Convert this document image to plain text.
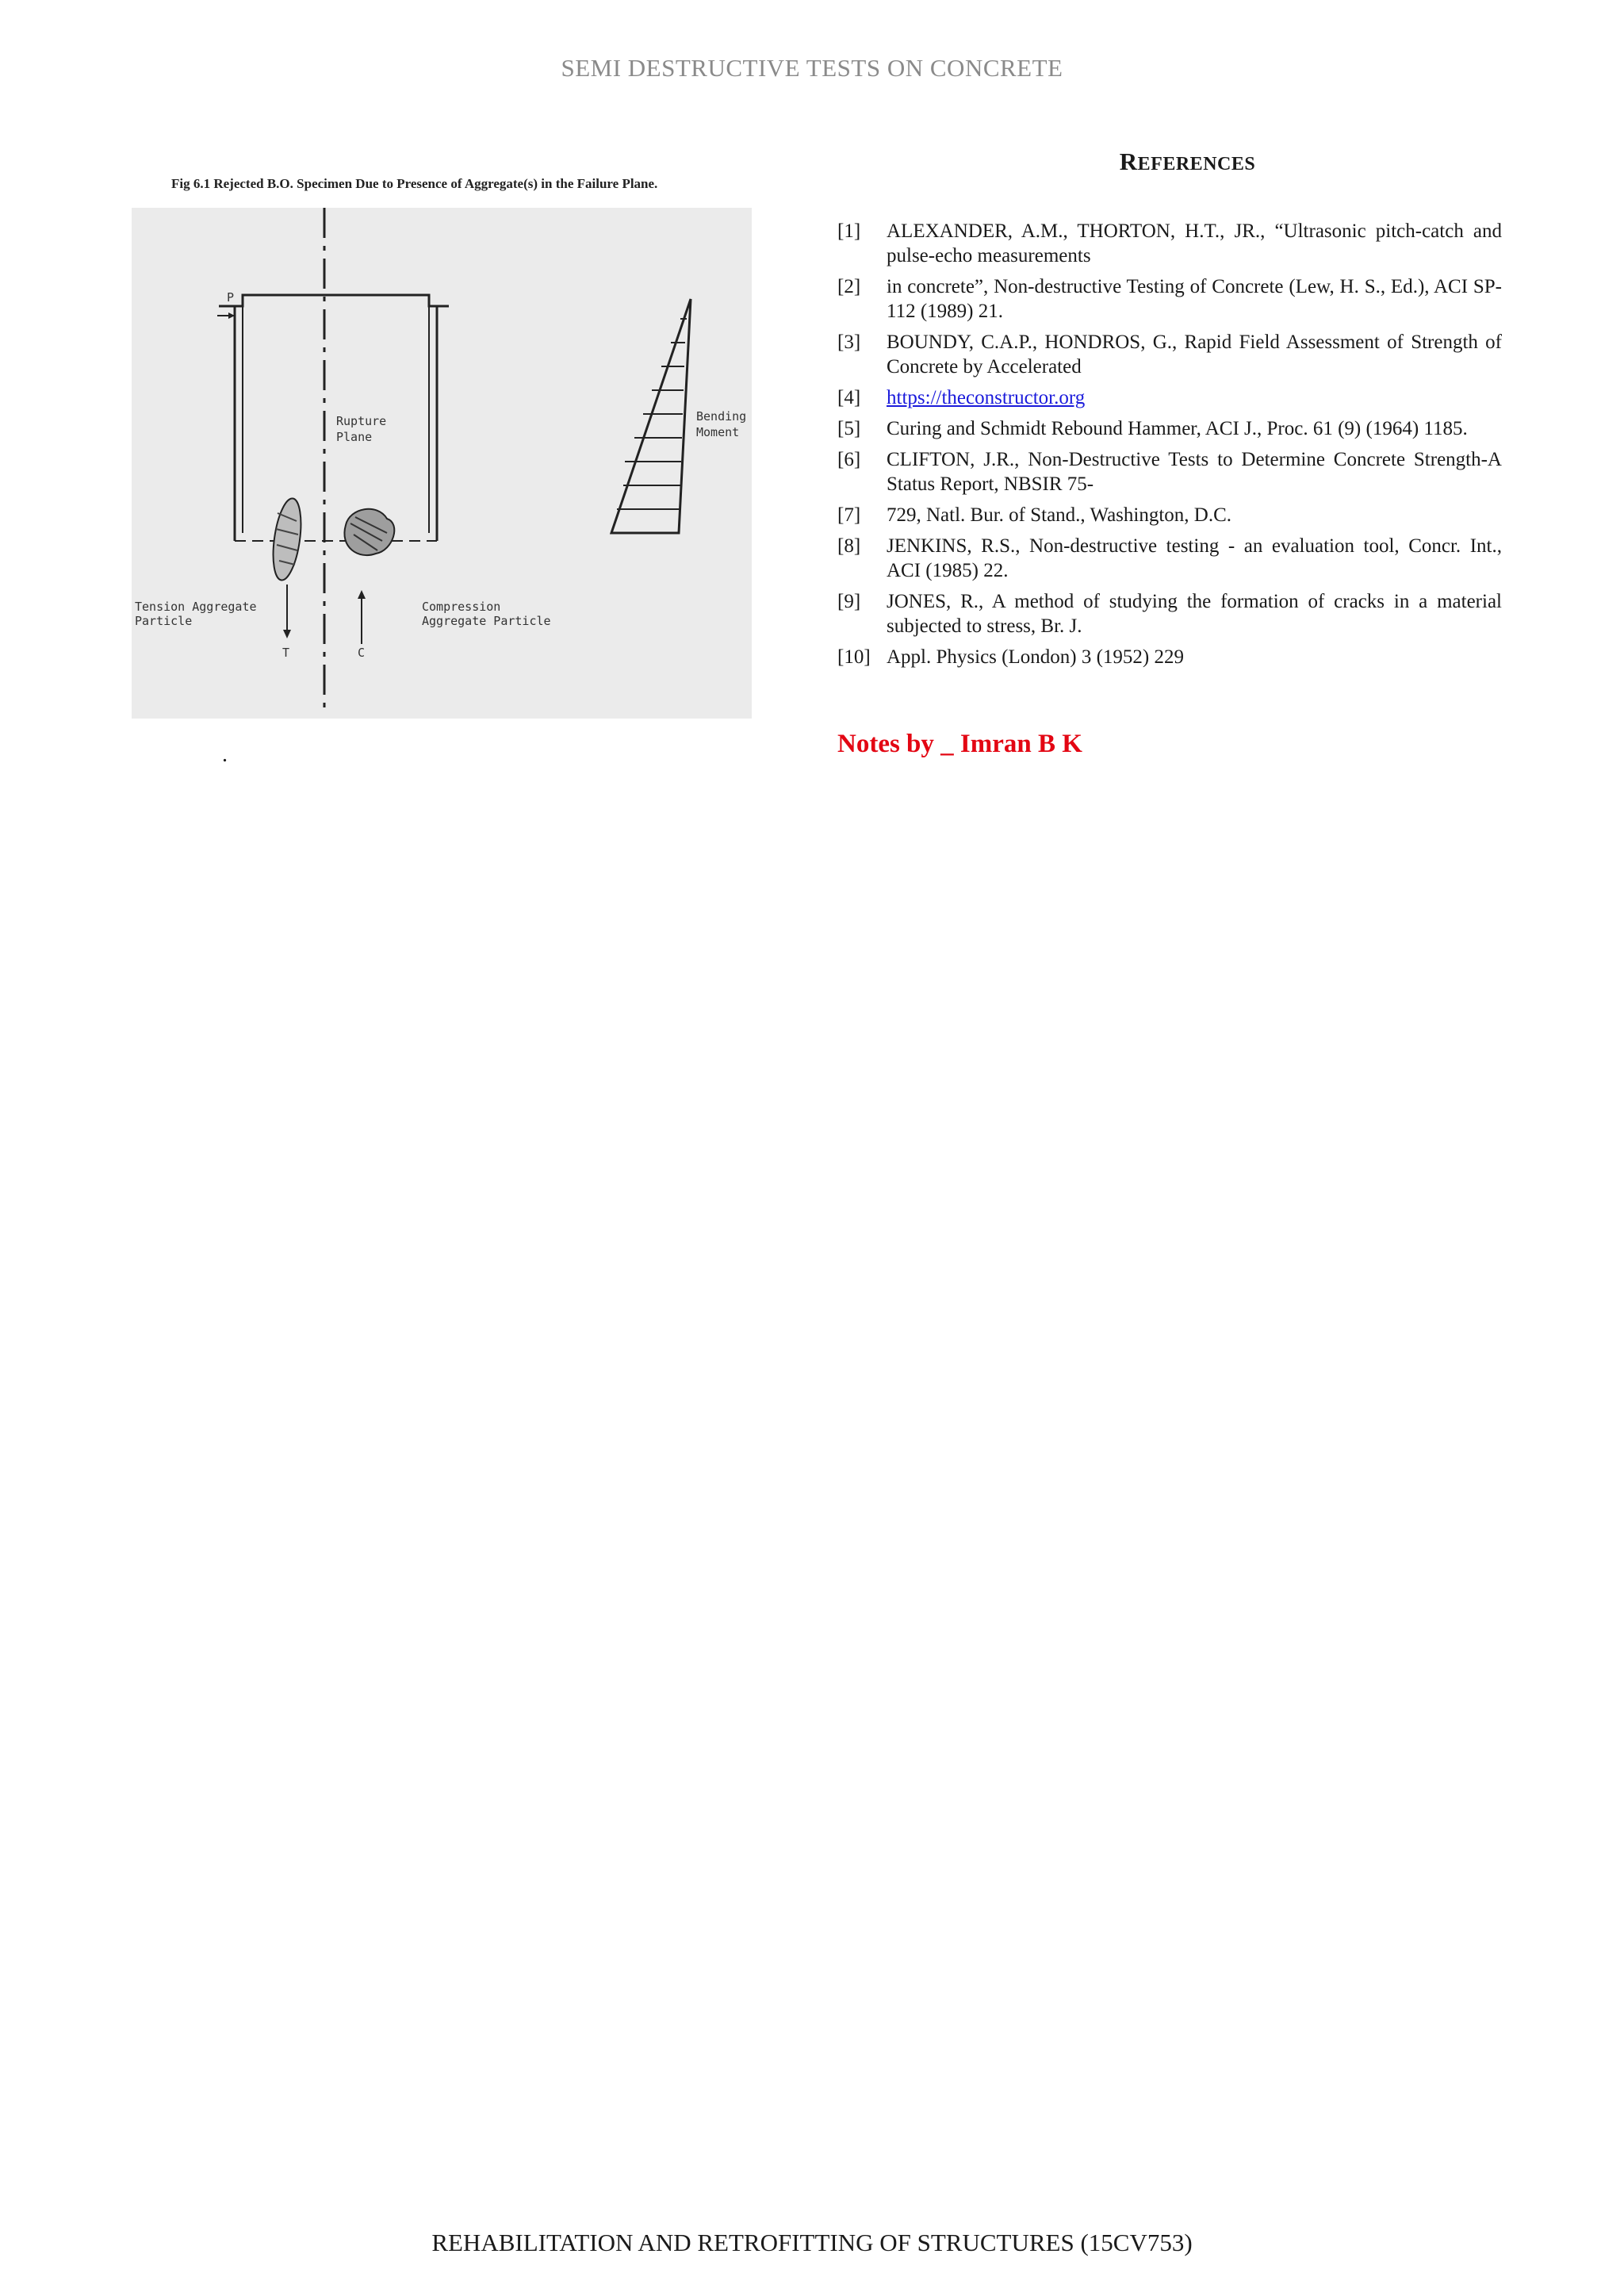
SEMI DESTRUCTIVE TESTS ON CONCRETE
Fig 6.1 Rejected B.O. Specimen Due to Presence of Aggregate(s) in the Failure Plane.
P
T	C
Rupture
Plane
Bending
Moment
Tension Aggregate
Particle
Compression
Aggregate Particle
.
REFERENCES
[1]	ALEXANDER, A.M., THORTON, H.T., JR., “Ultrasonic pitch-catch and pulse-echo measurements
[2]	in concrete”, Non-destructive Testing of Concrete (Lew, H. S., Ed.), ACI SP-112 (1989) 21.
[3]	BOUNDY, C.A.P., HONDROS, G., Rapid Field Assessment of Strength of Concrete by Accelerated
[4]	https://theconstructor.org
[5]	Curing and Schmidt Rebound Hammer, ACI J., Proc. 61 (9) (1964) 1185.
[6]	CLIFTON, J.R., Non-Destructive Tests to Determine Concrete Strength-A Status Report, NBSIR 75-
[7]	729, Natl. Bur. of Stand., Washington, D.C.
[8]	JENKINS, R.S., Non-destructive testing - an evaluation tool, Concr. Int., ACI (1985) 22.
[9]	JONES, R., A method of studying the formation of cracks in a material subjected to stress, Br. J.
[10] Appl. Physics (London) 3 (1952) 229
Notes by _ Imran B K
REHABILITATION AND RETROFITTING OF STRUCTURES (15CV753)
